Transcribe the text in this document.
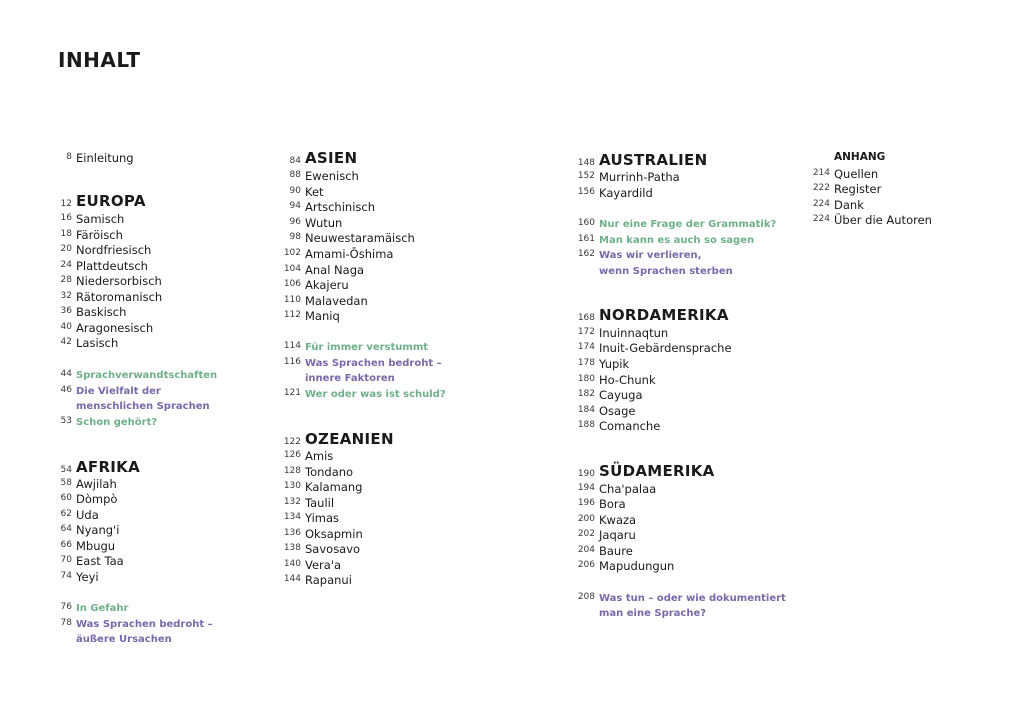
INHALT
8 Einleitung
12 EUROPA
16 Samisch
18 Färöisch
20 Nordfriesisch
24 Plattdeutsch
28 Niedersorbisch
32 Rätoromanisch
36 Baskisch
40 Aragonesisch
42 Lasisch
44 Sprachverwandtschaften
46 Die Vielfalt der
menschlichen Sprachen
53 Schon gehört?
54 AFRIKA
58 Awjilah
60 Dòmpò
62 Uda
64 Nyang'i
66 Mbugu
70 East Taa
74 Yeyi
76 In Gefahr
78 Was Sprachen bedroht –
äußere Ursachen
84 ASIEN
88 Ewenisch
90 Ket
94 Artschinisch
96 Wutun
98 Neuwestaramäisch
102 Amami-Ōshima
104 Anal Naga
106 Akajeru
110 Malavedan
112 Maniq
114 Für immer verstummt
116 Was Sprachen bedroht –
innere Faktoren
121 Wer oder was ist schuld?
122 OZEANIEN
126 Amis
128 Tondano
130 Kalamang
132 Taulil
134 Yimas
136 Oksapmin
138 Savosavo
140 Vera'a
144 Rapanui
148 AUSTRALIEN
152 Murrinh-Patha
156 Kayardild
160 Nur eine Frage der Grammatik?
161 Man kann es auch so sagen
162 Was wir verlieren,
wenn Sprachen sterben
168 NORDAMERIKA
172 Inuinnaqtun
174 Inuit-Gebärdensprache
178 Yupik
180 Ho-Chunk
182 Cayuga
184 Osage
188 Comanche
190 SÜDAMERIKA
194 Cha'palaa
196 Bora
200 Kwaza
202 Jaqaru
204 Baure
206 Mapudungun
208 Was tun – oder wie dokumentiert
man eine Sprache?
ANHANG
214 Quellen
222 Register
224 Dank
224 Über die Autoren
